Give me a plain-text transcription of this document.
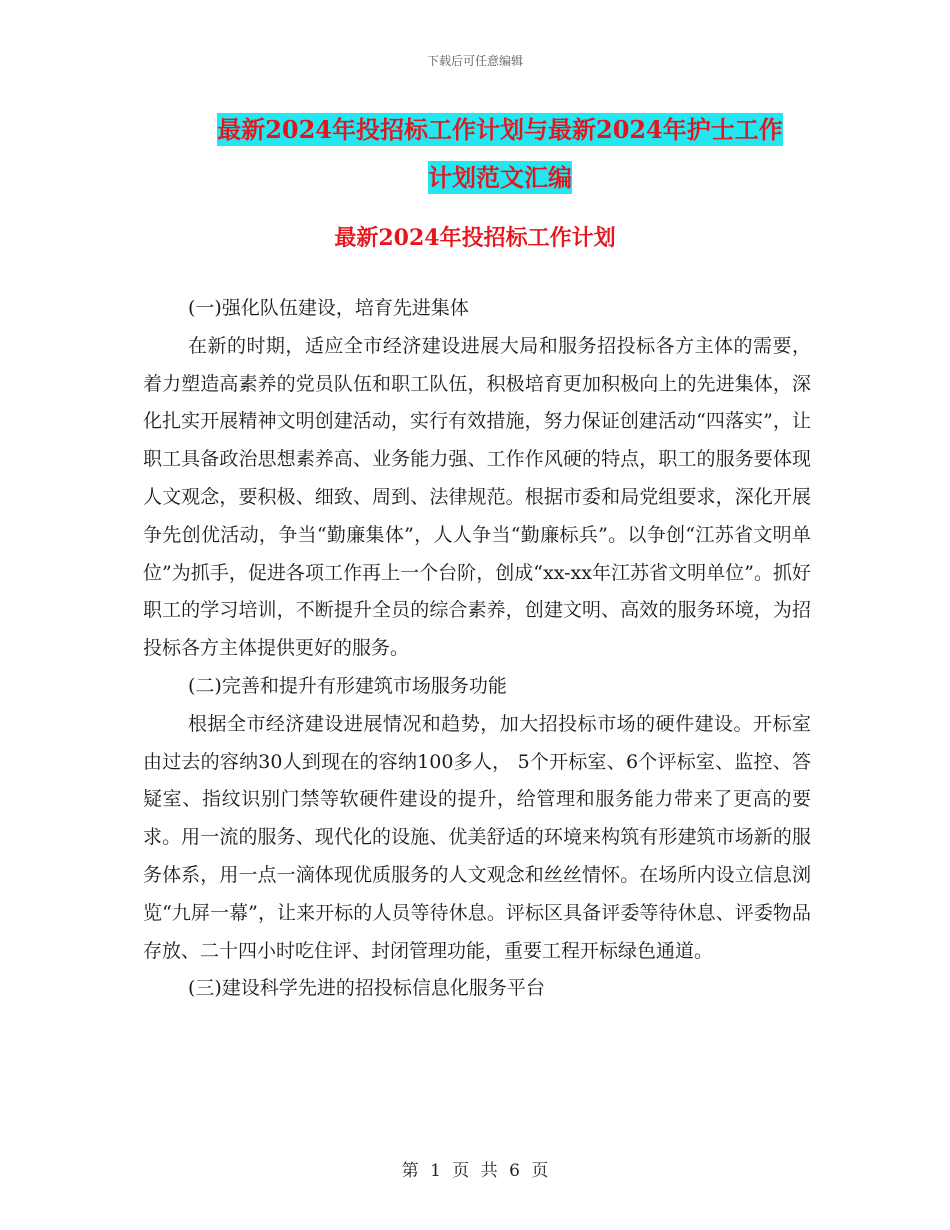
下载后可任意编辑
最新2024年投招标工作计划与最新2024年护士工作
计划范文汇编
最新2024年投招标工作计划

(一)强化队伍建设，培育先进集体

在新的时期，适应全市经济建设进展大局和服务招投标各方主体的需要，着力塑造高素养的党员队伍和职工队伍，积极培育更加积极向上的先进集体，深化扎实开展精神文明创建活动，实行有效措施，努力保证创建活动“四落实”，让职工具备政治思想素养高、业务能力强、工作作风硬的特点，职工的服务要体现人文观念，要积极、细致、周到、法律规范。根据市委和局党组要求，深化开展争先创优活动，争当“勤廉集体”，人人争当“勤廉标兵”。以争创“江苏省文明单位”为抓手，促进各项工作再上一个台阶，创成“xx-xx年江苏省文明单位”。抓好职工的学习培训，不断提升全员的综合素养，创建文明、高效的服务环境，为招投标各方主体提供更好的服务。

(二)完善和提升有形建筑市场服务功能

根据全市经济建设进展情况和趋势，加大招投标市场的硬件建设。开标室由过去的容纳30人到现在的容纳100多人， 5个开标室、6个评标室、监控、答疑室、指纹识别门禁等软硬件建设的提升，给管理和服务能力带来了更高的要求。用一流的服务、现代化的设施、优美舒适的环境来构筑有形建筑市场新的服务体系，用一点一滴体现优质服务的人文观念和丝丝情怀。在场所内设立信息浏览“九屏一幕”，让来开标的人员等待休息。评标区具备评委等待休息、评委物品存放、二十四小时吃住评、封闭管理功能，重要工程开标绿色通道。

(三)建设科学先进的招投标信息化服务平台

第 1 页 共 6 页
